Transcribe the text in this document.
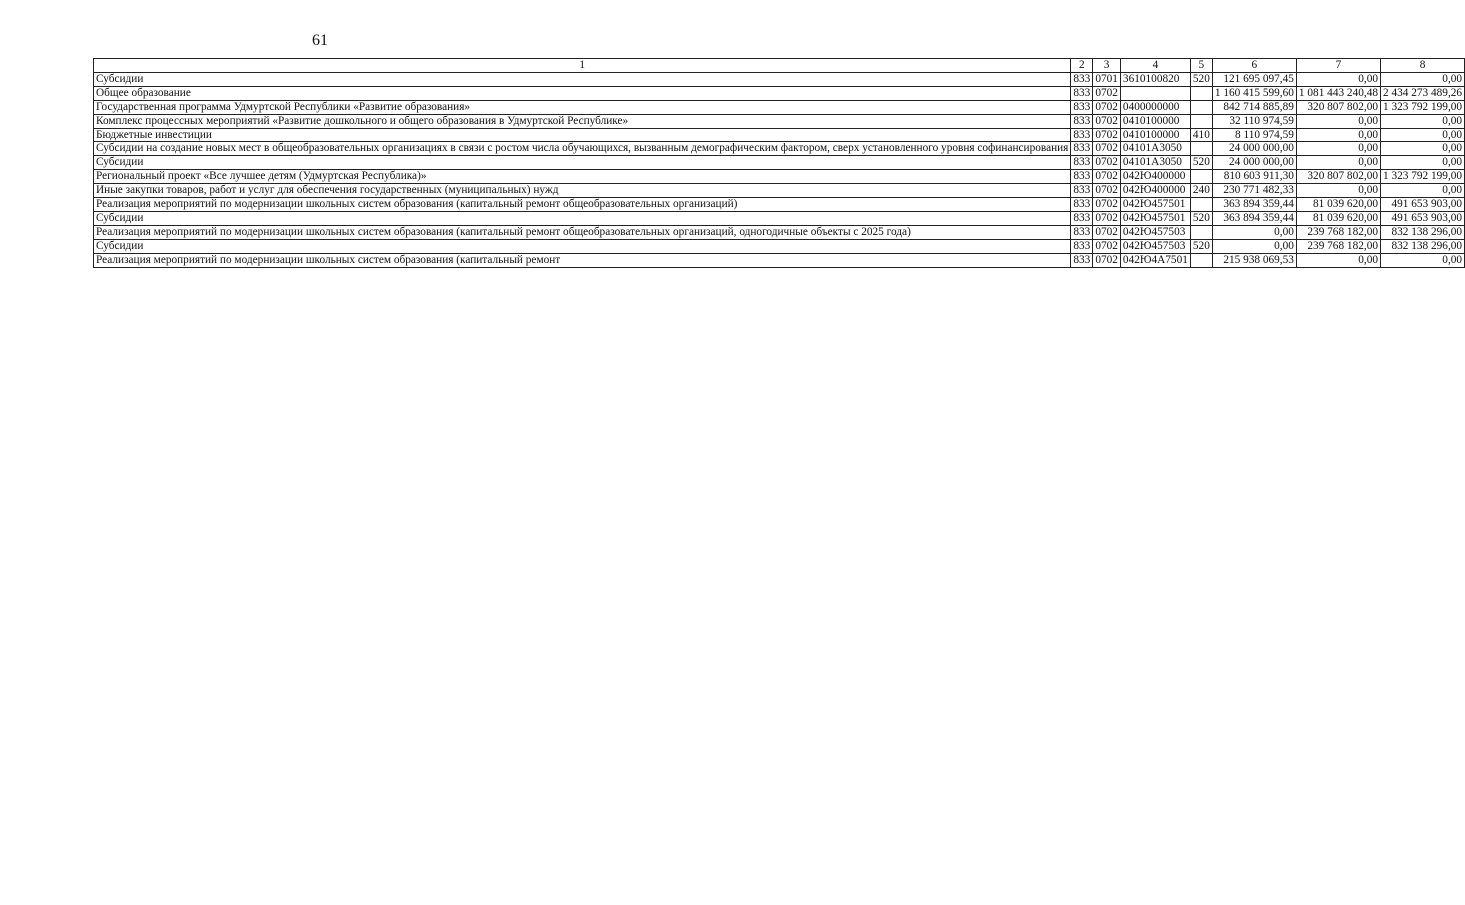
61
1	2	3	4	5	6	7	8
Субсидии	833	0701	3610100820	520	121 695 097,45	0,00	0,00
Общее образование	833	0702			1 160 415 599,60	1 081 443 240,48	2 434 273 489,26
Государственная программа Удмуртской Республики «Развитие образования»	833	0702	0400000000		842 714 885,89	320 807 802,00	1 323 792 199,00
Комплекс процессных мероприятий «Развитие дошкольного и общего образования в Удмуртской Республике»	833	0702	0410100000		32 110 974,59	0,00	0,00
Бюджетные инвестиции	833	0702	0410100000	410	8 110 974,59	0,00	0,00
Субсидии на создание новых мест в общеобразовательных организациях в связи с ростом числа обучающихся, вызванным демографическим фактором, сверх установленного уровня софинансирования	833	0702	04101A3050		24 000 000,00	0,00	0,00
Субсидии	833	0702	04101A3050	520	24 000 000,00	0,00	0,00
Региональный проект «Все лучшее детям (Удмуртская Республика)»	833	0702	042Ю400000		810 603 911,30	320 807 802,00	1 323 792 199,00
Иные закупки товаров, работ и услуг для обеспечения государственных (муниципальных) нужд	833	0702	042Ю400000	240	230 771 482,33	0,00	0,00
Реализация мероприятий по модернизации школьных систем образования (капитальный ремонт общеобразовательных организаций)	833	0702	042Ю457501		363 894 359,44	81 039 620,00	491 653 903,00
Субсидии	833	0702	042Ю457501	520	363 894 359,44	81 039 620,00	491 653 903,00
Реализация мероприятий по модернизации школьных систем образования (капитальный ремонт общеобразовательных организаций, одногодичные объекты с 2025 года)	833	0702	042Ю457503		0,00	239 768 182,00	832 138 296,00
Субсидии	833	0702	042Ю457503	520	0,00	239 768 182,00	832 138 296,00
Реализация мероприятий по модернизации школьных систем образования (капитальный ремонт	833	0702	042Ю4А7501		215 938 069,53	0,00	0,00
